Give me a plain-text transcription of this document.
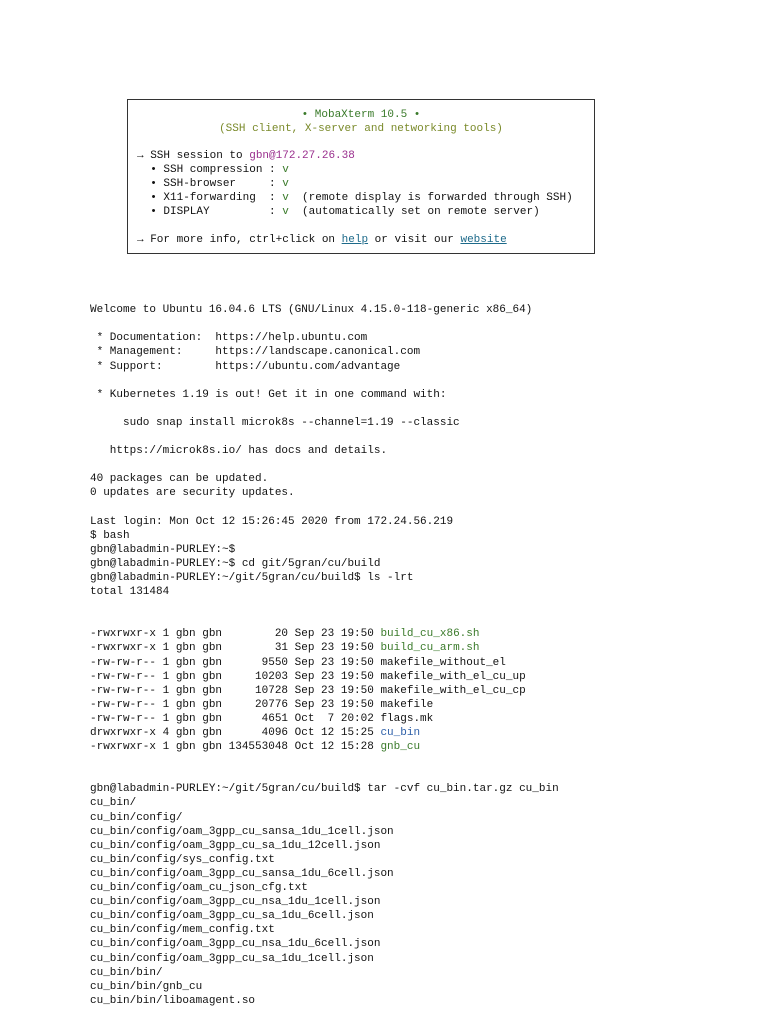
• MobaXterm 10.5 •
(SSH client, X-server and networking tools)
→ SSH session to gbn@172.27.26.38
• SSH compression : v
• SSH-browser     : v
• X11-forwarding  : v  (remote display is forwarded through SSH)
• DISPLAY         : v  (automatically set on remote server)
→ For more info, ctrl+click on help or visit our website

Welcome to Ubuntu 16.04.6 LTS (GNU/Linux 4.15.0-118-generic x86_64)

* Documentation:  https://help.ubuntu.com
* Management:     https://landscape.canonical.com
* Support:        https://ubuntu.com/advantage

* Kubernetes 1.19 is out! Get it in one command with:

sudo snap install microk8s --channel=1.19 --classic

https://microk8s.io/ has docs and details.

40 packages can be updated.
0 updates are security updates.

Last login: Mon Oct 12 15:26:45 2020 from 172.24.56.219
$ bash
gbn@labadmin-PURLEY:~$
gbn@labadmin-PURLEY:~$ cd git/5gran/cu/build
gbn@labadmin-PURLEY:~/git/5gran/cu/build$ ls -lrt
total 131484

-rwxrwxr-x 1 gbn gbn        20 Sep 23 19:50 build_cu_x86.sh
-rwxrwxr-x 1 gbn gbn        31 Sep 23 19:50 build_cu_arm.sh
-rw-rw-r-- 1 gbn gbn      9550 Sep 23 19:50 makefile_without_el
-rw-rw-r-- 1 gbn gbn     10203 Sep 23 19:50 makefile_with_el_cu_up
-rw-rw-r-- 1 gbn gbn     10728 Sep 23 19:50 makefile_with_el_cu_cp
-rw-rw-r-- 1 gbn gbn     20776 Sep 23 19:50 makefile
-rw-rw-r-- 1 gbn gbn      4651 Oct  7 20:02 flags.mk
drwxrwxr-x 4 gbn gbn      4096 Oct 12 15:25 cu_bin
-rwxrwxr-x 1 gbn gbn 134553048 Oct 12 15:28 gnb_cu

gbn@labadmin-PURLEY:~/git/5gran/cu/build$ tar -cvf cu_bin.tar.gz cu_bin
cu_bin/
cu_bin/config/
cu_bin/config/oam_3gpp_cu_sansa_1du_1cell.json
cu_bin/config/oam_3gpp_cu_sa_1du_12cell.json
cu_bin/config/sys_config.txt
cu_bin/config/oam_3gpp_cu_sansa_1du_6cell.json
cu_bin/config/oam_cu_json_cfg.txt
cu_bin/config/oam_3gpp_cu_nsa_1du_1cell.json
cu_bin/config/oam_3gpp_cu_sa_1du_6cell.json
cu_bin/config/mem_config.txt
cu_bin/config/oam_3gpp_cu_nsa_1du_6cell.json
cu_bin/config/oam_3gpp_cu_sa_1du_1cell.json
cu_bin/bin/
cu_bin/bin/gnb_cu
cu_bin/bin/liboamagent.so
